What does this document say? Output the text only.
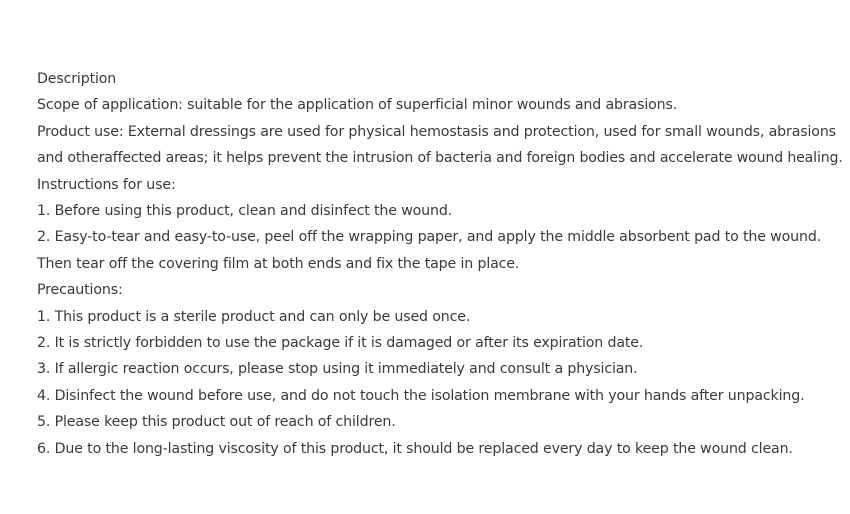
Description

Scope of application: suitable for the application of superficial minor wounds and abrasions.

Product use: External dressings are used for physical hemostasis and protection, used for small wounds, abrasions

and otheraffected areas; it helps prevent the intrusion of bacteria and foreign bodies and accelerate wound healing.

Instructions for use:

1. Before using this product, clean and disinfect the wound.

2. Easy-to-tear and easy-to-use, peel off the wrapping paper, and apply the middle absorbent pad to the wound.

Then tear off the covering film at both ends and fix the tape in place.

Precautions:

1. This product is a sterile product and can only be used once.

2. It is strictly forbidden to use the package if it is damaged or after its expiration date.

3. If allergic reaction occurs, please stop using it immediately and consult a physician.

4. Disinfect the wound before use, and do not touch the isolation membrane with your hands after unpacking.

5. Please keep this product out of reach of children.

6. Due to the long-lasting viscosity of this product, it should be replaced every day to keep the wound clean.
